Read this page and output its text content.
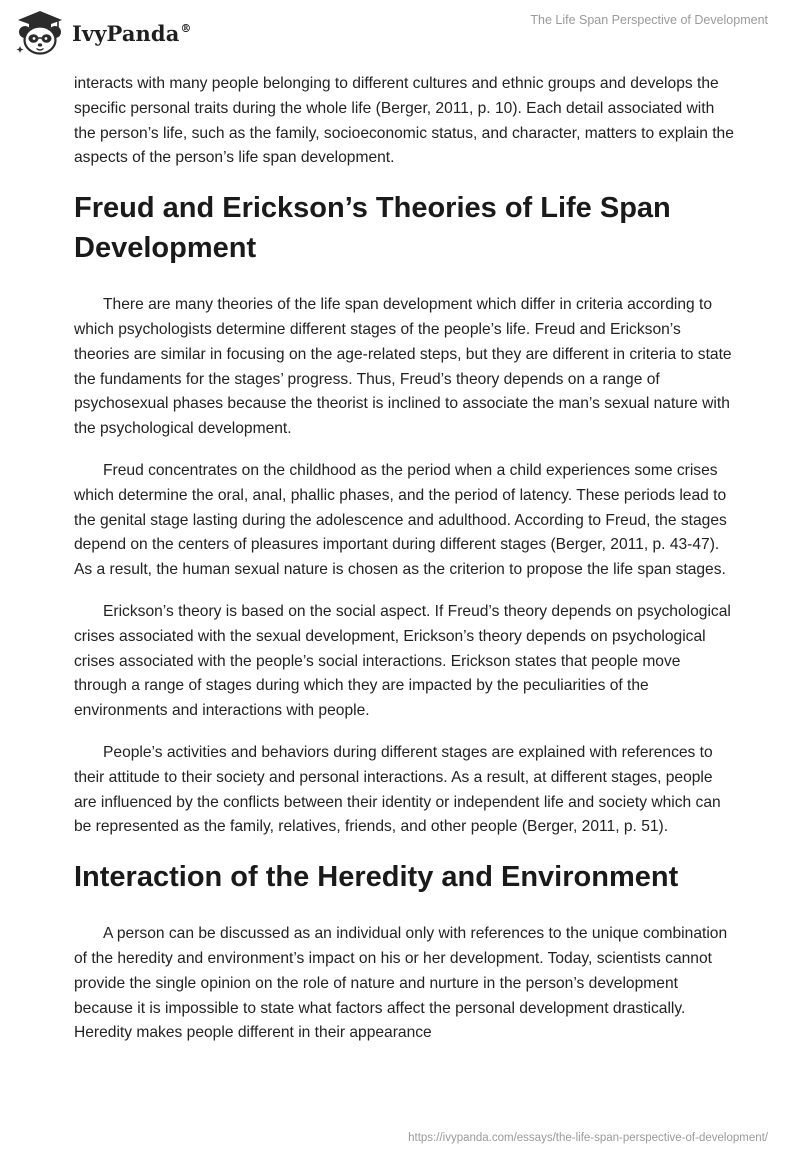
IvyPanda®
The Life Span Perspective of Development

interacts with many people belonging to different cultures and ethnic groups and develops the specific personal traits during the whole life (Berger, 2011, p. 10). Each detail associated with the person’s life, such as the family, socioeconomic status, and character, matters to explain the aspects of the person’s life span development.

Freud and Erickson’s Theories of Life Span Development

There are many theories of the life span development which differ in criteria according to which psychologists determine different stages of the people’s life. Freud and Erickson’s theories are similar in focusing on the age-related steps, but they are different in criteria to state the fundaments for the stages’ progress. Thus, Freud’s theory depends on a range of psychosexual phases because the theorist is inclined to associate the man’s sexual nature with the psychological development.

Freud concentrates on the childhood as the period when a child experiences some crises which determine the oral, anal, phallic phases, and the period of latency. These periods lead to the genital stage lasting during the adolescence and adulthood. According to Freud, the stages depend on the centers of pleasures important during different stages (Berger, 2011, p. 43-47). As a result, the human sexual nature is chosen as the criterion to propose the life span stages.

Erickson’s theory is based on the social aspect. If Freud’s theory depends on psychological crises associated with the sexual development, Erickson’s theory depends on psychological crises associated with the people’s social interactions. Erickson states that people move through a range of stages during which they are impacted by the peculiarities of the environments and interactions with people.

People’s activities and behaviors during different stages are explained with references to their attitude to their society and personal interactions. As a result, at different stages, people are influenced by the conflicts between their identity or independent life and society which can be represented as the family, relatives, friends, and other people (Berger, 2011, p. 51).

Interaction of the Heredity and Environment

A person can be discussed as an individual only with references to the unique combination of the heredity and environment’s impact on his or her development. Today, scientists cannot provide the single opinion on the role of nature and nurture in the person’s development because it is impossible to state what factors affect the personal development drastically. Heredity makes people different in their appearance

https://ivypanda.com/essays/the-life-span-perspective-of-development/
